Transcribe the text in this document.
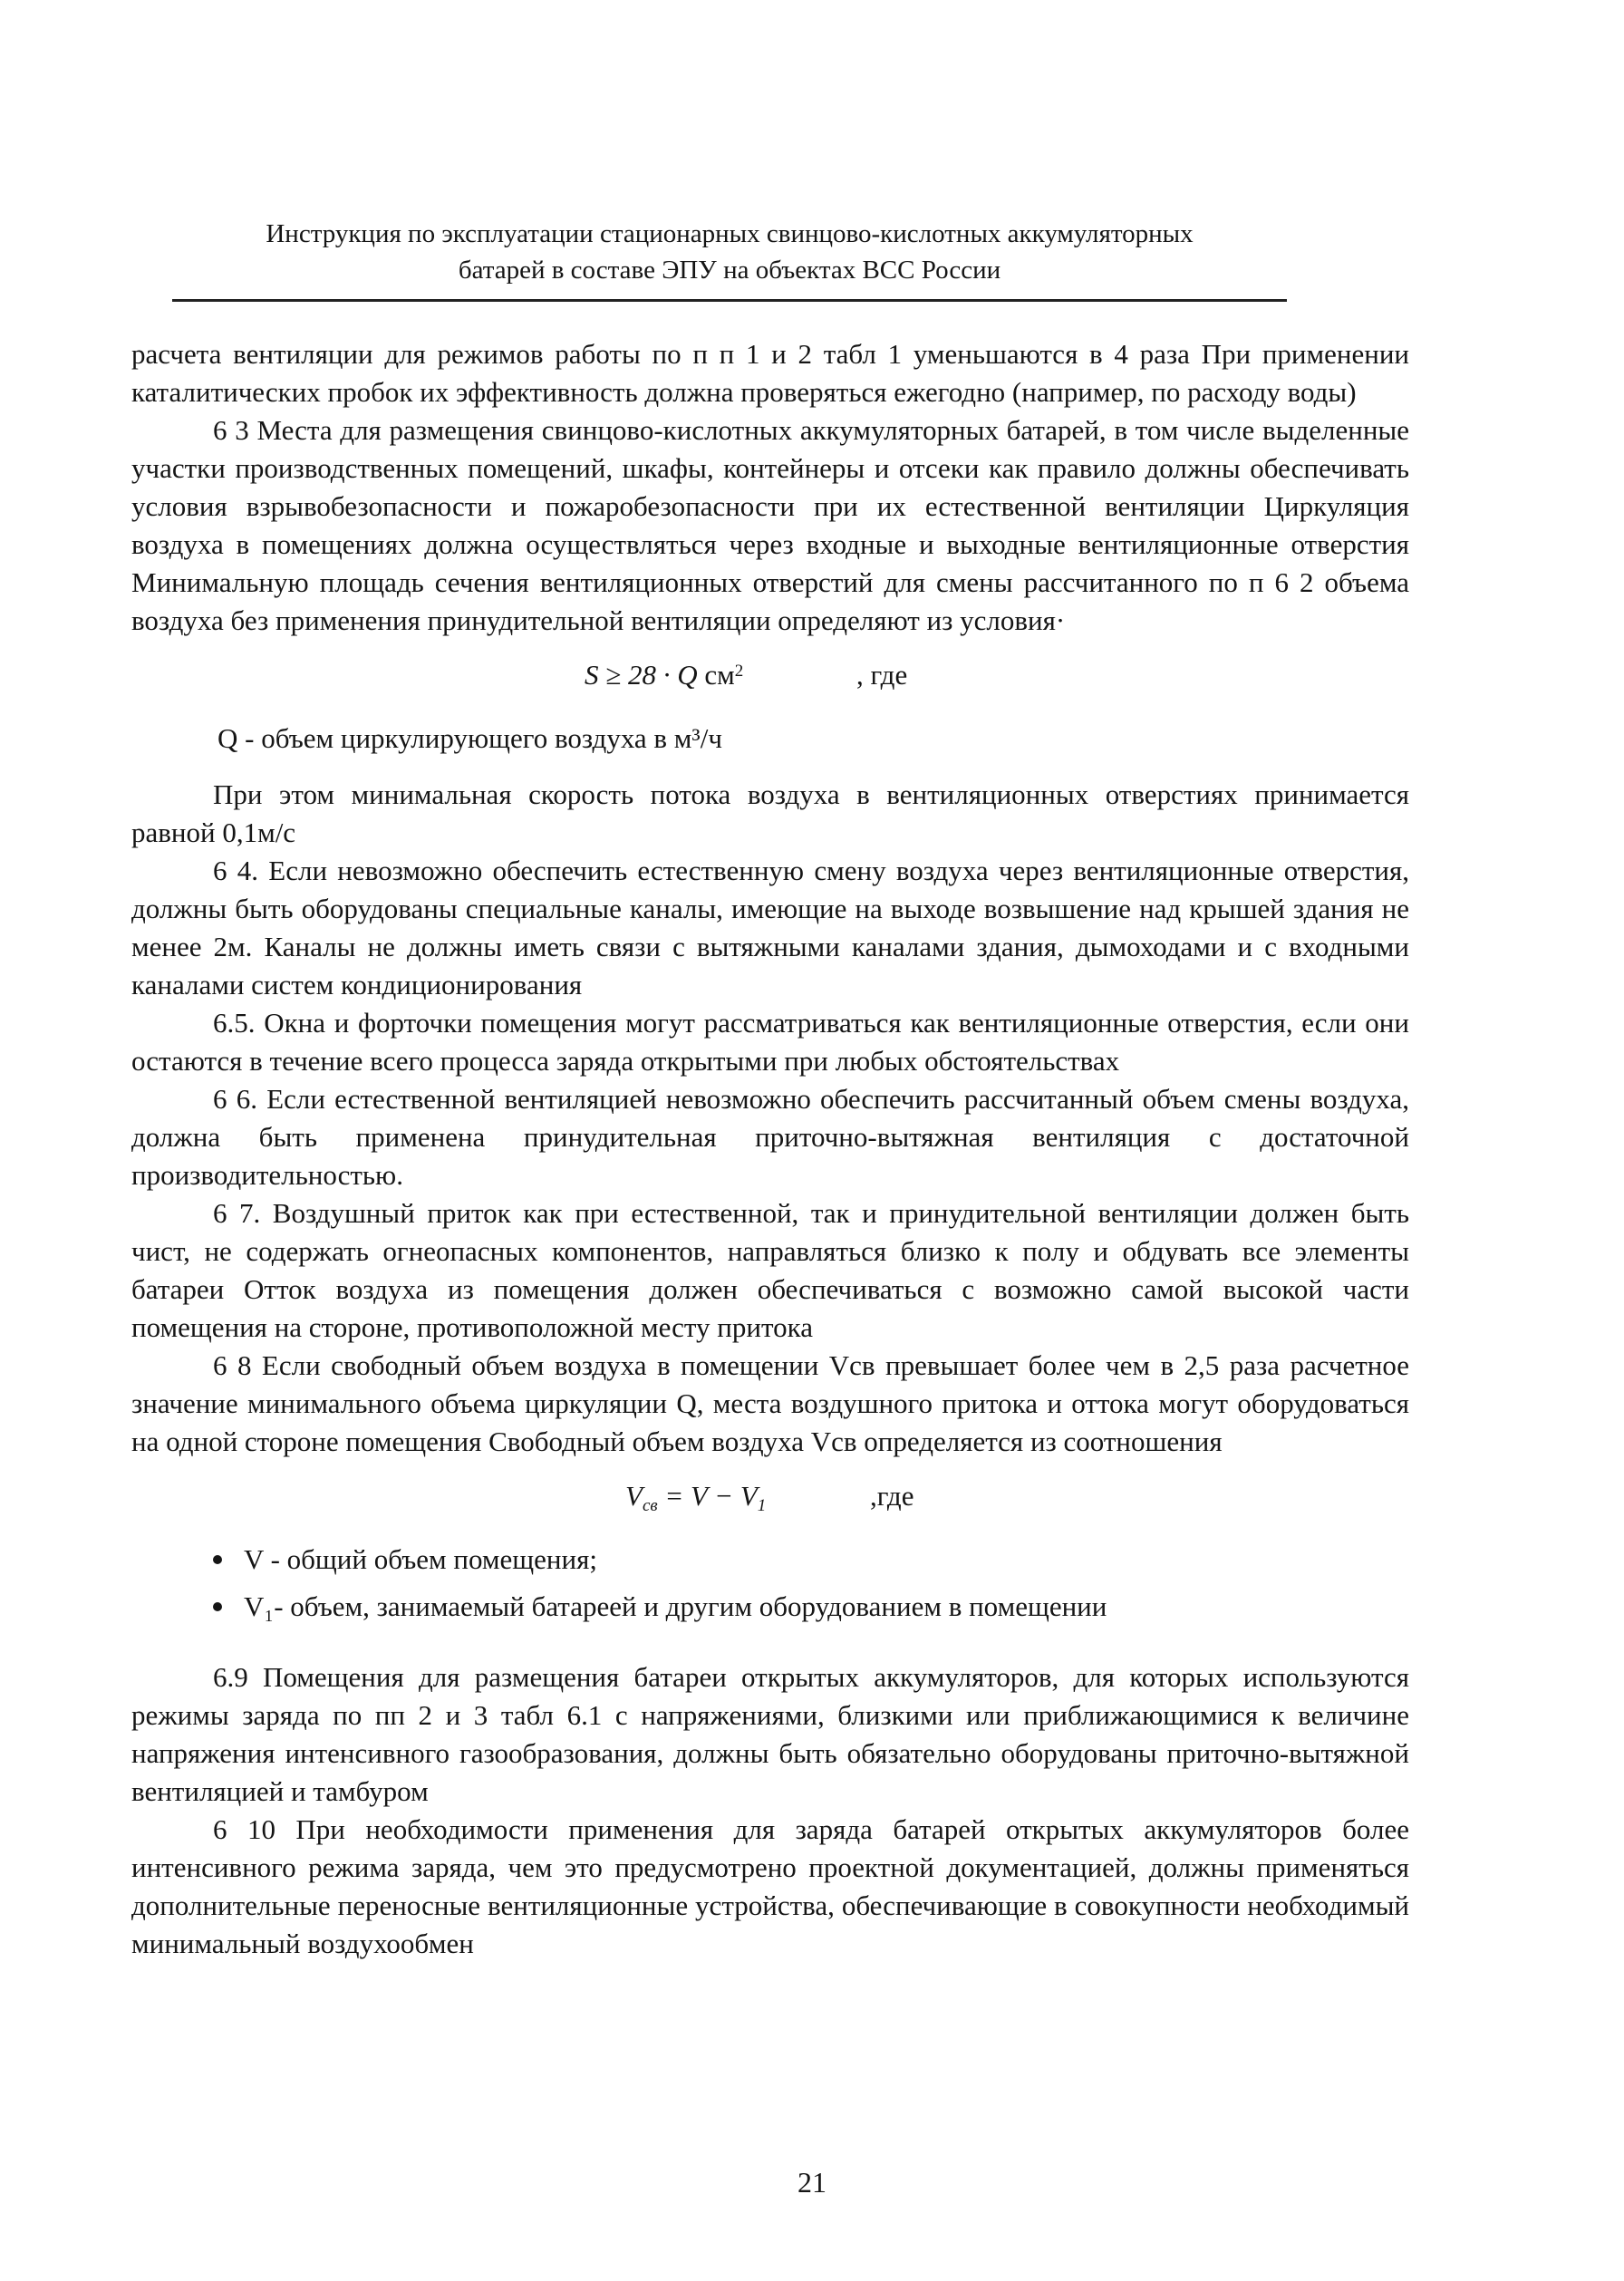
Инструкция по эксплуатации стационарных свинцово-кислотных аккумуляторных
батарей в составе ЭПУ на объектах ВСС России

расчета вентиляции для режимов работы по п п 1 и 2 табл 1 уменьшаются в 4 раза При применении каталитических пробок их эффективность должна проверяться ежегодно (например, по расходу воды)

6 3 Места для размещения свинцово-кислотных аккумуляторных батарей, в том числе выделенные участки производственных помещений, шкафы, контейнеры и отсеки как правило должны обеспечивать условия взрывобезопасности и пожаробезопасности при их естественной вентиляции Циркуляция воздуха в помещениях должна осуществляться через входные и выходные вентиляционные отверстия Минимальную площадь сечения вентиляционных отверстий для смены рассчитанного по п 6 2 объема воздуха без применения принудительной вентиляции определяют из условия·

S ≥ 28 · Q $см^2$	, где

Q - объем циркулирующего воздуха в м³/ч

При этом минимальная скорость потока воздуха в вентиляционных отверстиях принимается равной 0,1м/с

6 4. Если невозможно обеспечить естественную смену воздуха через вентиляционные отверстия, должны быть оборудованы специальные каналы, имеющие на выходе возвышение над крышей здания не менее 2м. Каналы не должны иметь связи с вытяжными каналами здания, дымоходами и с входными каналами систем кондиционирования

6.5. Окна и форточки помещения могут рассматриваться как вентиляционные отверстия, если они остаются в течение всего процесса заряда открытыми при любых обстоятельствах

6 6. Если естественной вентиляцией невозможно обеспечить рассчитанный объем смены воздуха, должна быть применена принудительная приточно-вытяжная вентиляция с достаточной производительностью.

6 7. Воздушный приток как при естественной, так и принудительной вентиляции должен быть чист, не содержать огнеопасных компонентов, направляться близко к полу и обдувать все элементы батареи Отток воздуха из помещения должен обеспечиваться с возможно самой высокой части помещения на стороне, противоположной месту притока

6 8 Если свободный объем воздуха в помещении Vсв превышает более чем в 2,5 раза расчетное значение минимального объема циркуляции Q, места воздушного притока и оттока могут оборудоваться на одной стороне помещения Свободный объем воздуха Vсв определяется из соотношения

$V_{св} = V - V_1$	,где
V - общий объем помещения;
V₁- объем, занимаемый батареей и другим оборудованием в помещении

6.9 Помещения для размещения батареи открытых аккумуляторов, для которых используются режимы заряда по пп 2 и 3 табл 6.1 с напряжениями, близкими или приближающимися к величине напряжения интенсивного газообразования, должны быть обязательно оборудованы приточно-вытяжной вентиляцией и тамбуром

6 10 При необходимости применения для заряда батарей открытых аккумуляторов более интенсивного режима заряда, чем это предусмотрено проектной документацией, должны применяться дополнительные переносные вентиляционные устройства, обеспечивающие в совокупности необходимый минимальный воздухообмен

21
